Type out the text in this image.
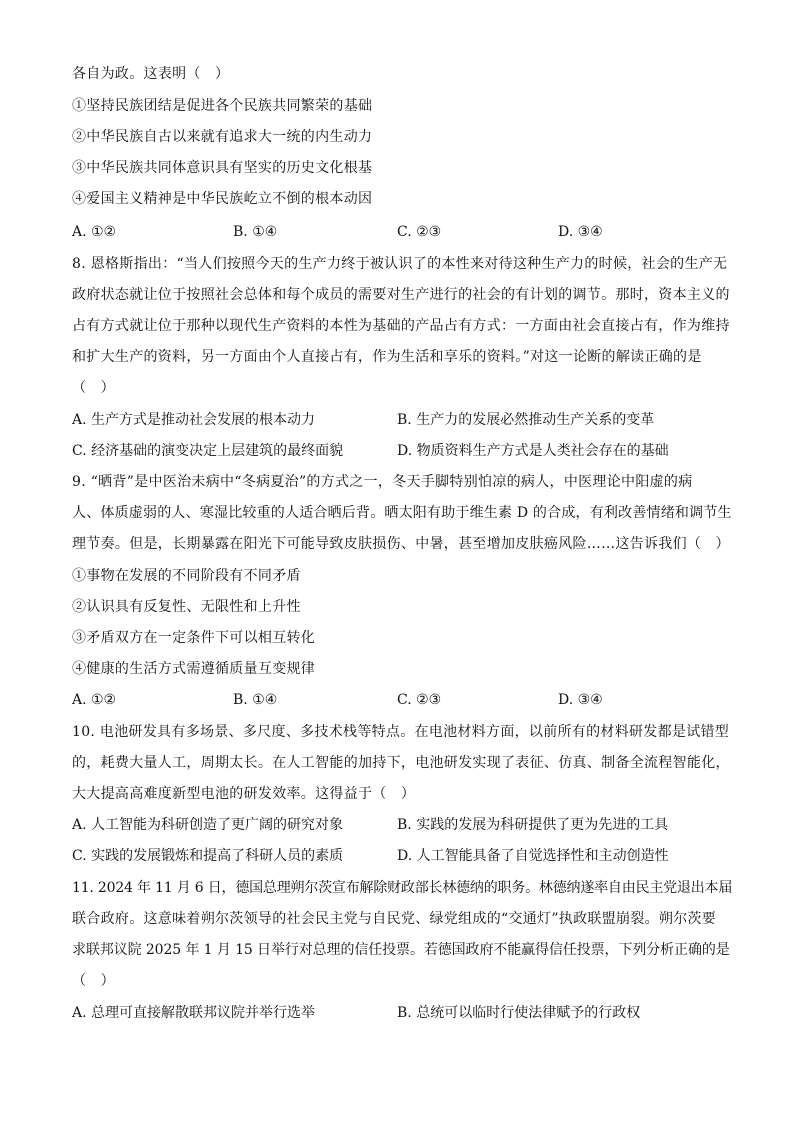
各自为政。这表明（　）
①坚持民族团结是促进各个民族共同繁荣的基础
②中华民族自古以来就有追求大一统的内生动力
③中华民族共同体意识具有坚实的历史文化根基
④爱国主义精神是中华民族屹立不倒的根本动因
A. ①②	B. ①④	C. ②③	D. ③④
8. 恩格斯指出：“当人们按照今天的生产力终于被认识了的本性来对待这种生产力的时候，社会的生产无
政府状态就让位于按照社会总体和每个成员的需要对生产进行的社会的有计划的调节。那时，资本主义的
占有方式就让位于那种以现代生产资料的本性为基础的产品占有方式：一方面由社会直接占有，作为维持
和扩大生产的资料，另一方面由个人直接占有，作为生活和享乐的资料。”对这一论断的解读正确的是
（　）
A. 生产方式是推动社会发展的根本动力	B. 生产力的发展必然推动生产关系的变革
C. 经济基础的演变决定上层建筑的最终面貌	D. 物质资料生产方式是人类社会存在的基础
9. “晒背”是中医治未病中“冬病夏治”的方式之一，冬天手脚特别怕凉的病人，中医理论中阳虚的病
人、体质虚弱的人、寒湿比较重的人适合晒后背。晒太阳有助于维生素 D 的合成，有利改善情绪和调节生
理节奏。但是，长期暴露在阳光下可能导致皮肤损伤、中暑，甚至增加皮肤癌风险……这告诉我们（　）
①事物在发展的不同阶段有不同矛盾
②认识具有反复性、无限性和上升性
③矛盾双方在一定条件下可以相互转化
④健康的生活方式需遵循质量互变规律
A. ①②	B. ①④	C. ②③	D. ③④
10. 电池研发具有多场景、多尺度、多技术栈等特点。在电池材料方面，以前所有的材料研发都是试错型
的，耗费大量人工，周期太长。在人工智能的加持下，电池研发实现了表征、仿真、制备全流程智能化，
大大提高高难度新型电池的研发效率。这得益于（　）
A. 人工智能为科研创造了更广阔的研究对象	B. 实践的发展为科研提供了更为先进的工具
C. 实践的发展锻炼和提高了科研人员的素质	D. 人工智能具备了自觉选择性和主动创造性
11. 2024 年 11 月 6 日，德国总理朔尔茨宣布解除财政部长林德纳的职务。林德纳遂率自由民主党退出本届
联合政府。这意味着朔尔茨领导的社会民主党与自民党、绿党组成的“交通灯”执政联盟崩裂。朔尔茨要
求联邦议院 2025 年 1 月 15 日举行对总理的信任投票。若德国政府不能赢得信任投票，下列分析正确的是
（　）
A. 总理可直接解散联邦议院并举行选举	B. 总统可以临时行使法律赋予的行政权
